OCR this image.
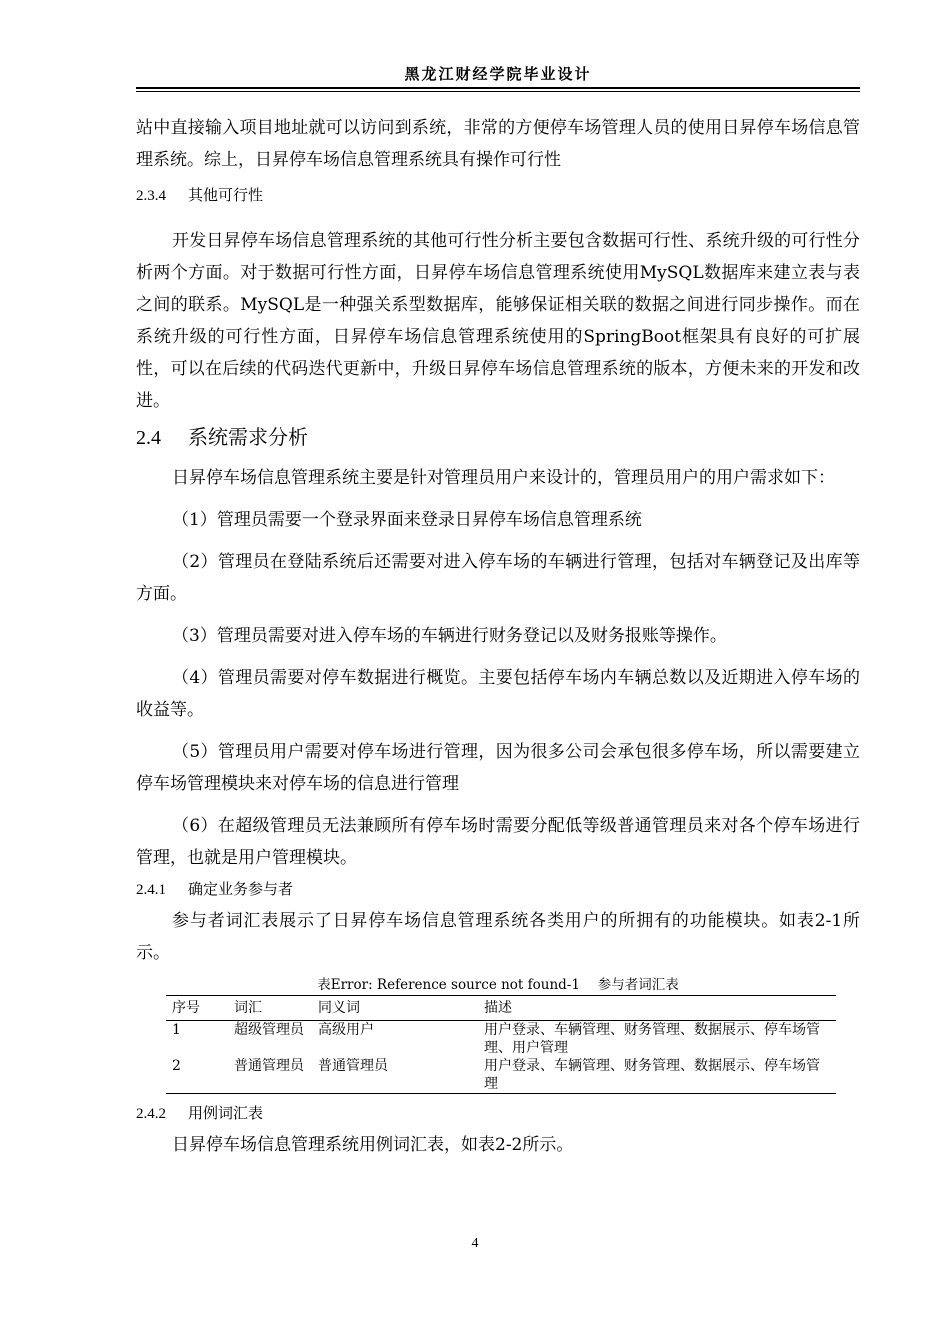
黑龙江财经学院毕业设计

站中直接输入项目地址就可以访问到系统，非常的方便停车场管理人员的使用日昇停车场信息管理系统。综上，日昇停车场信息管理系统具有操作可行性

2.3.4 其他可行性

开发日昇停车场信息管理系统的其他可行性分析主要包含数据可行性、系统升级的可行性分析两个方面。对于数据可行性方面，日昇停车场信息管理系统使用MySQL数据库来建立表与表之间的联系。MySQL是一种强关系型数据库，能够保证相关联的数据之间进行同步操作。而在系统升级的可行性方面，日昇停车场信息管理系统使用的SpringBoot框架具有良好的可扩展性，可以在后续的代码迭代更新中，升级日昇停车场信息管理系统的版本，方便未来的开发和改进。

2.4 系统需求分析

日昇停车场信息管理系统主要是针对管理员用户来设计的，管理员用户的用户需求如下：

（1）管理员需要一个登录界面来登录日昇停车场信息管理系统

（2）管理员在登陆系统后还需要对进入停车场的车辆进行管理，包括对车辆登记及出库等方面。

（3）管理员需要对进入停车场的车辆进行财务登记以及财务报账等操作。

（4）管理员需要对停车数据进行概览。主要包括停车场内车辆总数以及近期进入停车场的收益等。

（5）管理员用户需要对停车场进行管理，因为很多公司会承包很多停车场，所以需要建立停车场管理模块来对停车场的信息进行管理

（6）在超级管理员无法兼顾所有停车场时需要分配低等级普通管理员来对各个停车场进行管理，也就是用户管理模块。

2.4.1 确定业务参与者

参与者词汇表展示了日昇停车场信息管理系统各类用户的所拥有的功能模块。如表2-1所示。

表Error: Reference source not found-1　 参与者词汇表

序号	词汇	同义词	描述
1	超级管理员	高级用户	用户登录、车辆管理、财务管理、数据展示、停车场管理、用户管理
2	普通管理员	普通管理员	用户登录、车辆管理、财务管理、数据展示、停车场管理
2.4.2 用例词汇表

日昇停车场信息管理系统用例词汇表，如表2-2所示。

4
